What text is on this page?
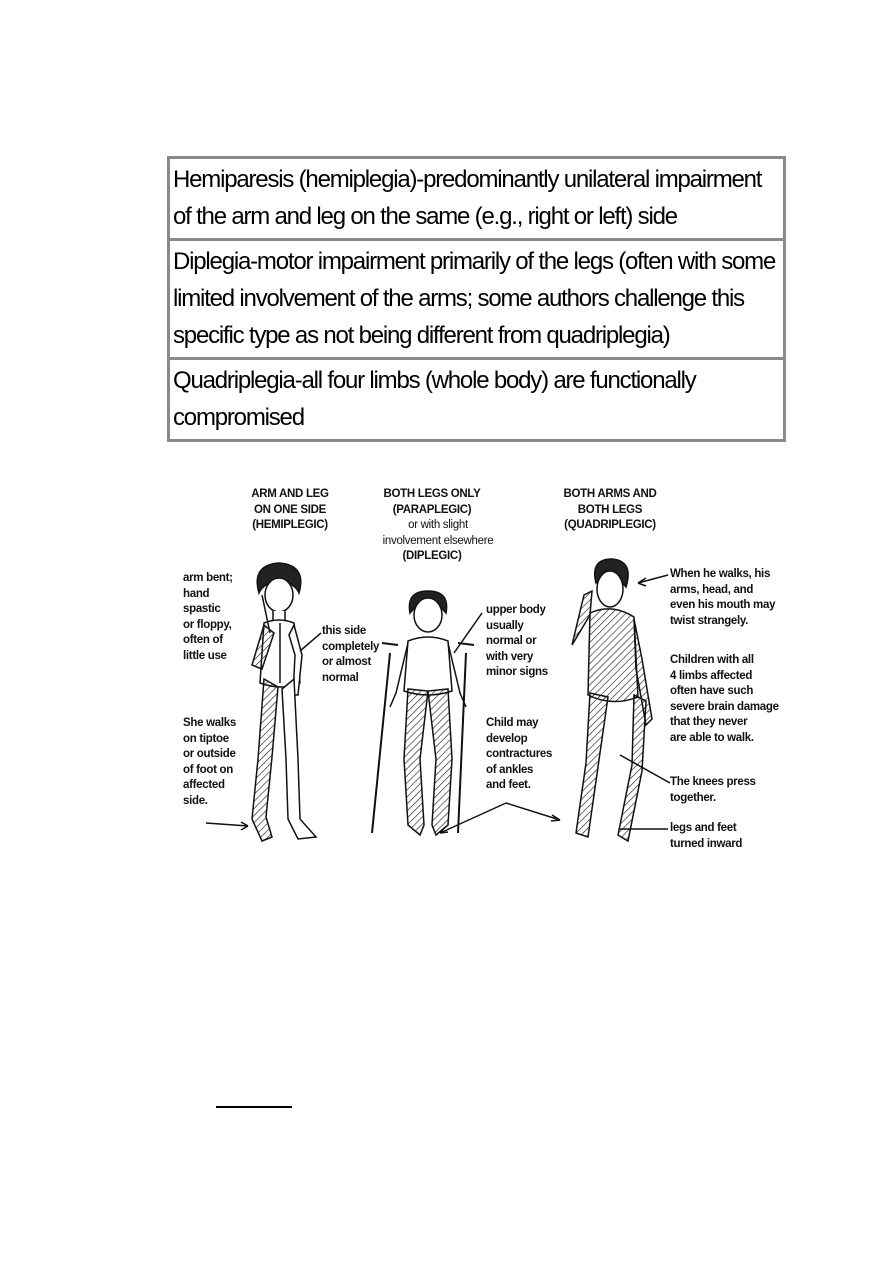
Hemiparesis (hemiplegia)-predominantly unilateral impairment of the arm and leg on the same (e.g., right or left) side
Diplegia-motor impairment primarily of the legs (often with some limited involvement of the arms; some authors challenge this specific type as not being different from quadriplegia)
Quadriplegia-all four limbs (whole body) are functionally compromised
ARM AND LEG
ON ONE SIDE
(HEMIPLEGIC)
BOTH LEGS ONLY
(PARAPLEGIC)
or with slight
involvement elsewhere
(DIPLEGIC)
BOTH ARMS AND
BOTH LEGS
(QUADRIPLEGIC)
arm bent;
hand
spastic
or floppy,
often of
little use
this side
completely
or almost
normal
She walks
on tiptoe
or outside
of foot on
affected
side.
upper body
usually
normal or
with very
minor signs
Child may
develop
contractures
of ankles
and feet.
When he walks, his
arms, head, and
even his mouth may
twist strangely.
Children with all
4 limbs affected
often have such
severe brain damage
that they never
are able to walk.
The knees press
together.
legs and feet
turned inward
